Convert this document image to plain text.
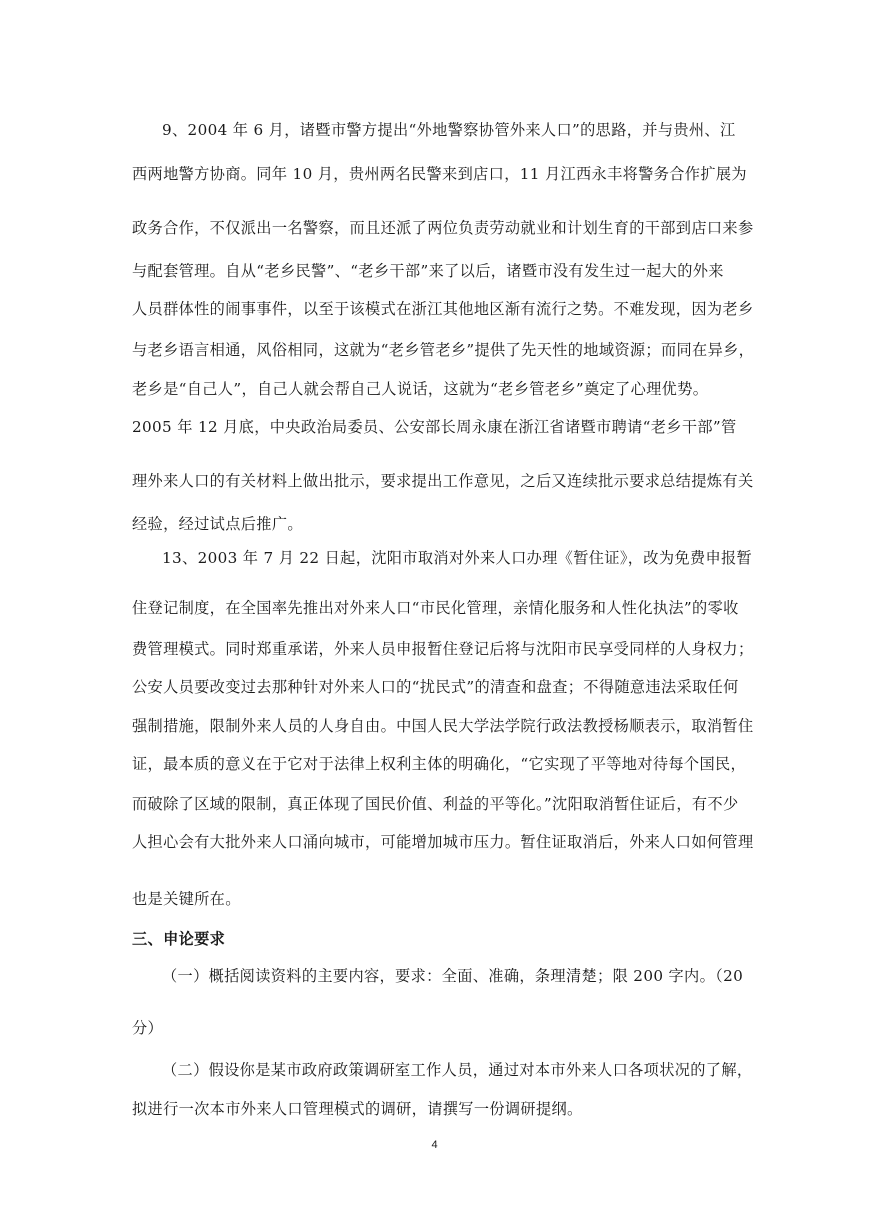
9、2004 年 6 月，诸暨市警方提出“外地警察协管外来人口”的思路，并与贵州、江
西两地警方协商。同年 10 月，贵州两名民警来到店口，11 月江西永丰将警务合作扩展为
政务合作，不仅派出一名警察，而且还派了两位负责劳动就业和计划生育的干部到店口来参
与配套管理。自从“老乡民警”、“老乡干部”来了以后，诸暨市没有发生过一起大的外来
人员群体性的闹事事件，以至于该模式在浙江其他地区渐有流行之势。不难发现，因为老乡
与老乡语言相通，风俗相同，这就为“老乡管老乡”提供了先天性的地域资源；而同在异乡，
老乡是“自己人”，自己人就会帮自己人说话，这就为“老乡管老乡”奠定了心理优势。
2005 年 12 月底，中央政治局委员、公安部长周永康在浙江省诸暨市聘请“老乡干部”管
理外来人口的有关材料上做出批示，要求提出工作意见，之后又连续批示要求总结提炼有关
经验，经过试点后推广。
13、2003 年 7 月 22 日起，沈阳市取消对外来人口办理《暂住证》，改为免费申报暂
住登记制度，在全国率先推出对外来人口“市民化管理，亲情化服务和人性化执法”的零收
费管理模式。同时郑重承诺，外来人员申报暂住登记后将与沈阳市民享受同样的人身权力；
公安人员要改变过去那种针对外来人口的“扰民式”的清查和盘查；不得随意违法采取任何
强制措施，限制外来人员的人身自由。中国人民大学法学院行政法教授杨顺表示，取消暂住
证，最本质的意义在于它对于法律上权利主体的明确化，“它实现了平等地对待每个国民，
而破除了区域的限制，真正体现了国民价值、利益的平等化。”沈阳取消暂住证后，有不少
人担心会有大批外来人口涌向城市，可能增加城市压力。暂住证取消后，外来人口如何管理
也是关键所在。
三、申论要求
（一）概括阅读资料的主要内容，要求：全面、准确，条理清楚；限 200 字内。（20
分）
（二）假设你是某市政府政策调研室工作人员，通过对本市外来人口各项状况的了解，
拟进行一次本市外来人口管理模式的调研，请撰写一份调研提纲。
4
